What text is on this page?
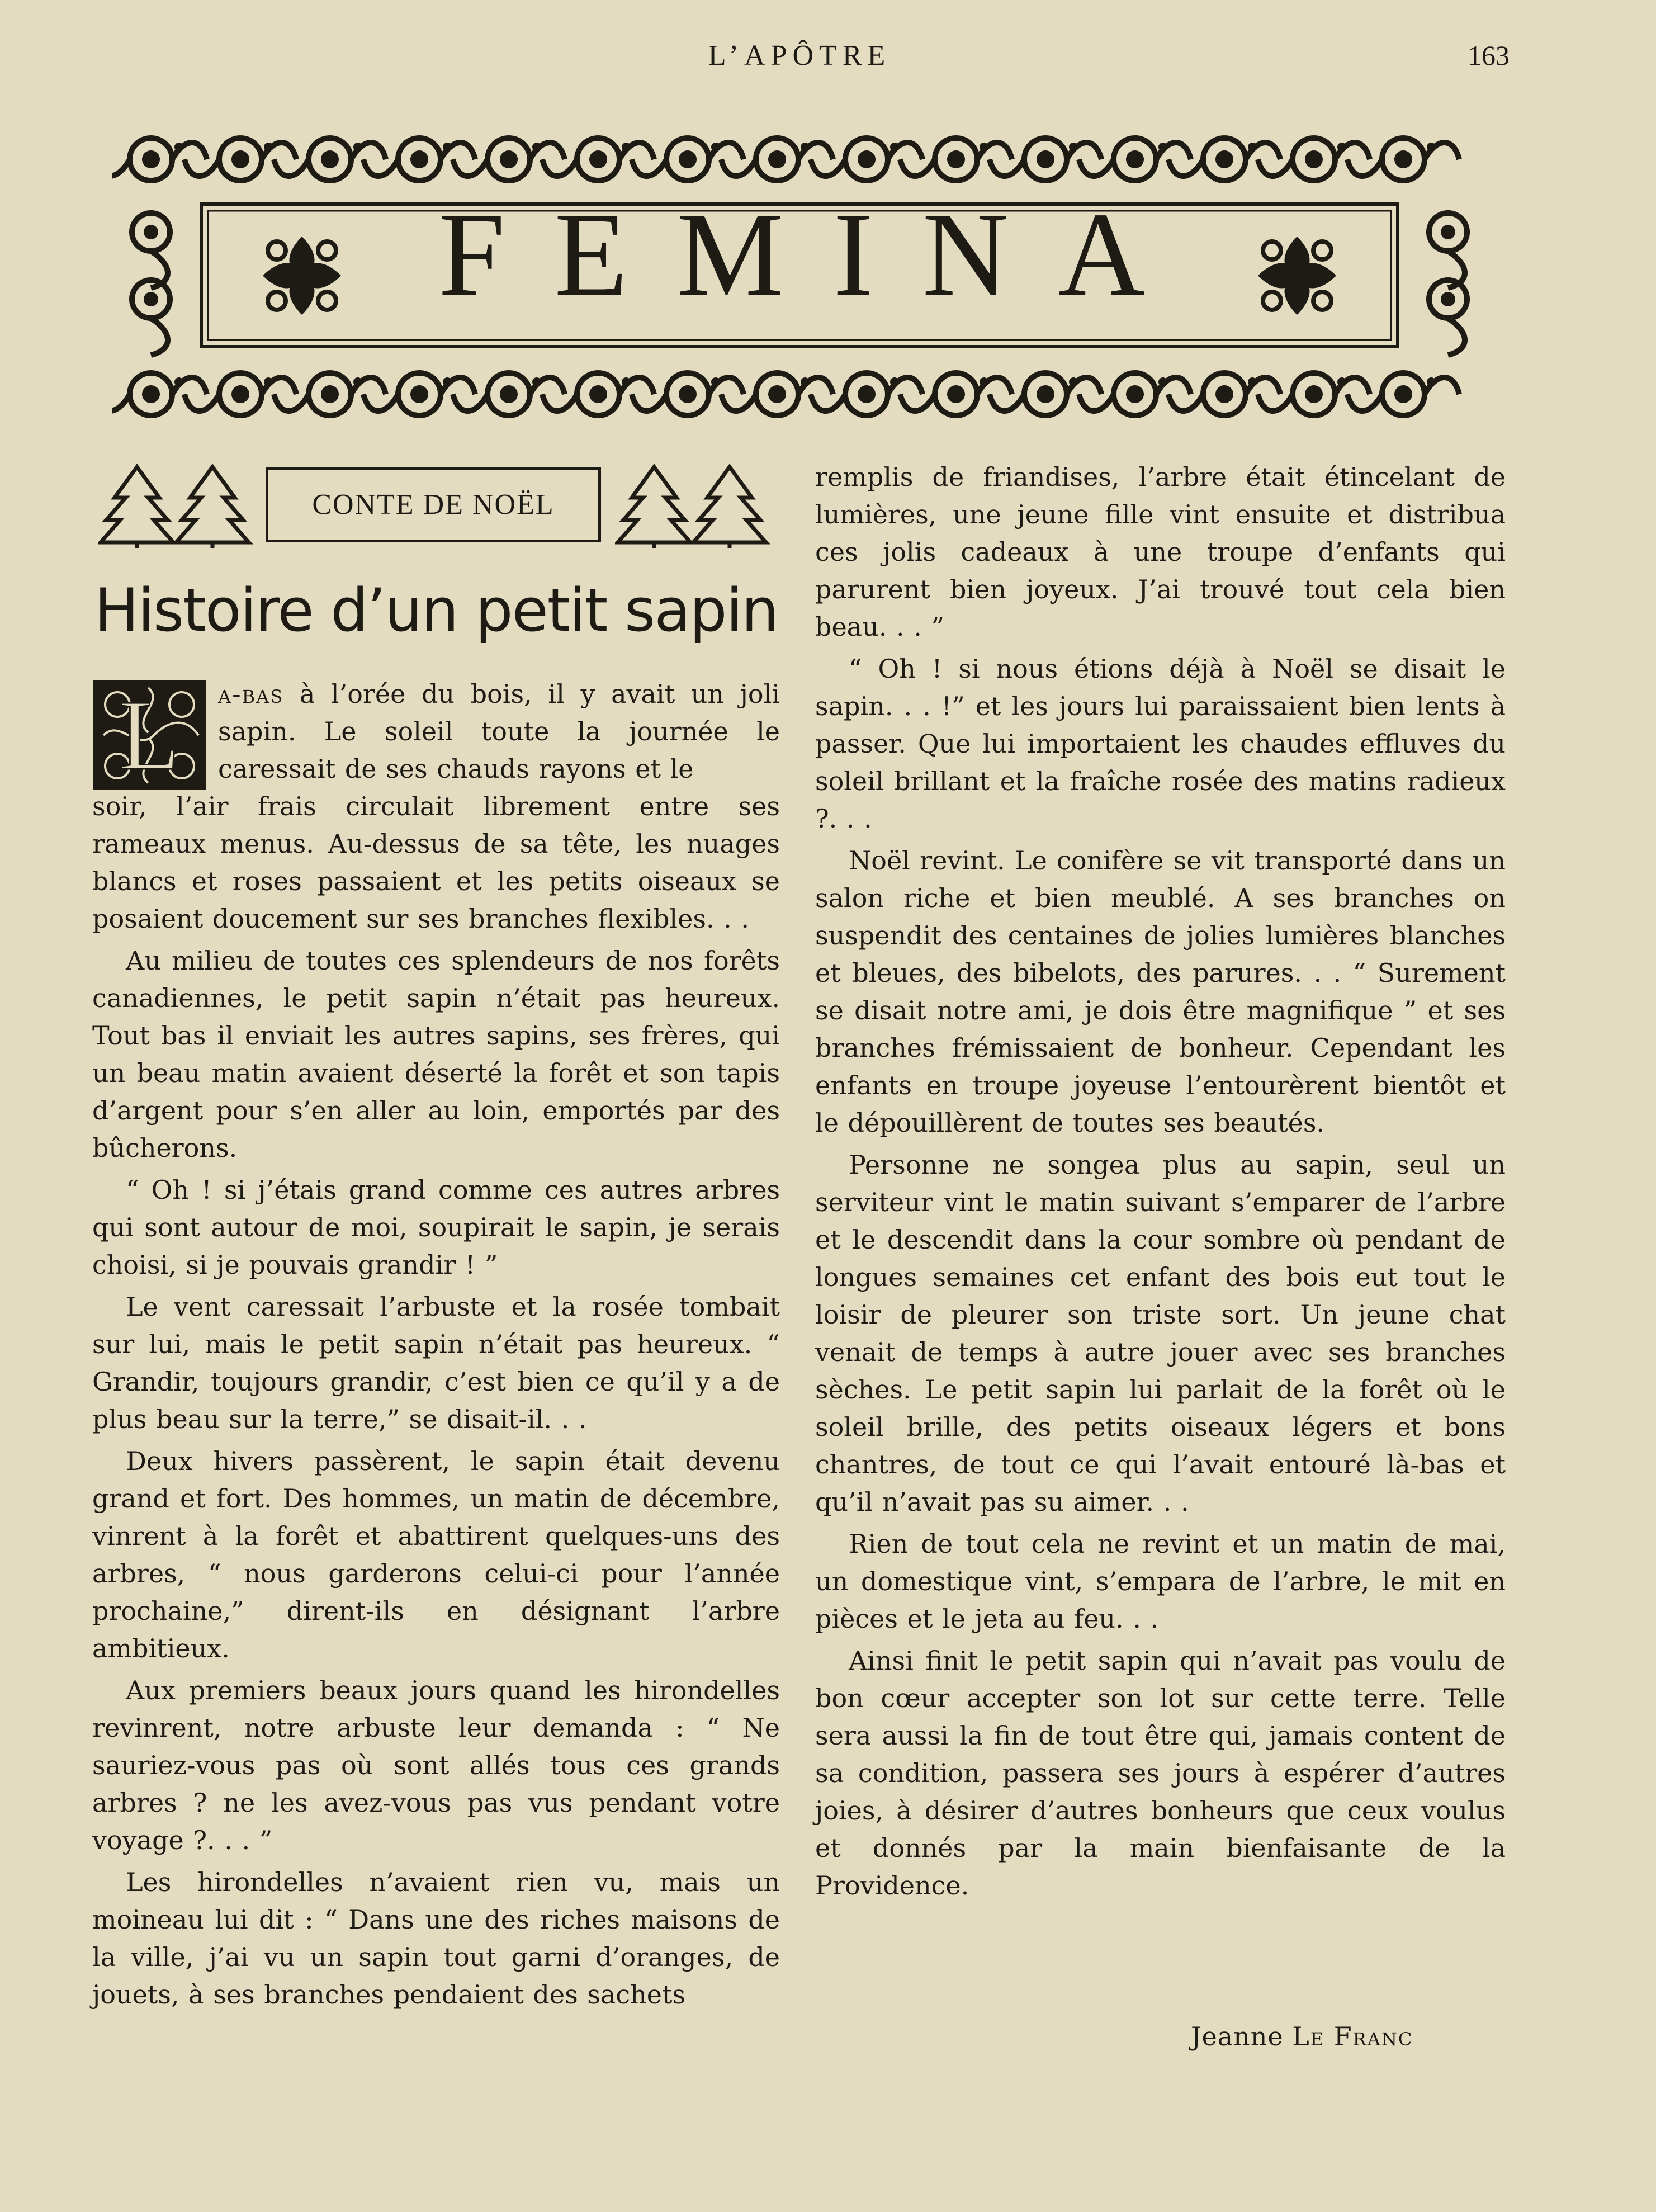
L’APÔTRE	163
FEMINA
CONTE DE NOËL
Histoire d’un petit sapin
L a-bas à l’orée du bois, il y avait un joli sapin. Le soleil toute la journée le caressait de ses chauds rayons et le

soir, l’air frais circulait librement entre ses rameaux menus. Au-dessus de sa tête, les nuages blancs et roses passaient et les petits oiseaux se posaient doucement sur ses branches flexibles. . .

Au milieu de toutes ces splendeurs de nos forêts canadiennes, le petit sapin n’était pas heureux. Tout bas il enviait les autres sapins, ses frères, qui un beau matin avaient déserté la forêt et son tapis d’argent pour s’en aller au loin, emportés par des bûcherons.

“ Oh ! si j’étais grand comme ces autres arbres qui sont autour de moi, soupirait le sapin, je serais choisi, si je pouvais grandir ! ”

Le vent caressait l’arbuste et la rosée tombait sur lui, mais le petit sapin n’était pas heureux. “ Grandir, toujours grandir, c’est bien ce qu’il y a de plus beau sur la terre,” se disait-il. . .

Deux hivers passèrent, le sapin était devenu grand et fort. Des hommes, un matin de décembre, vinrent à la forêt et abattirent quelques-uns des arbres, “ nous garderons celui-ci pour l’année prochaine,” dirent-ils en désignant l’arbre ambitieux.

Aux premiers beaux jours quand les hirondelles revinrent, notre arbuste leur demanda : “ Ne sauriez-vous pas où sont allés tous ces grands arbres ? ne les avez-vous pas vus pendant votre voyage ?. . . ”

Les hirondelles n’avaient rien vu, mais un moineau lui dit : “ Dans une des riches maisons de la ville, j’ai vu un sapin tout garni d’oranges, de jouets, à ses branches pendaient des sachets

remplis de friandises, l’arbre était étincelant de lumières, une jeune fille vint ensuite et distribua ces jolis cadeaux à une troupe d’enfants qui parurent bien joyeux. J’ai trouvé tout cela bien beau. . . ”

“ Oh ! si nous étions déjà à Noël se disait le sapin. . . !” et les jours lui paraissaient bien lents à passer. Que lui importaient les chaudes effluves du soleil brillant et la fraîche rosée des matins radieux ?. . .

Noël revint. Le conifère se vit transporté dans un salon riche et bien meublé. A ses branches on suspendit des centaines de jolies lumières blanches et bleues, des bibelots, des parures. . . “ Surement se disait notre ami, je dois être magnifique ” et ses branches frémissaient de bonheur. Cependant les enfants en troupe joyeuse l’entourèrent bientôt et le dépouillèrent de toutes ses beautés.

Personne ne songea plus au sapin, seul un serviteur vint le matin suivant s’emparer de l’arbre et le descendit dans la cour sombre où pendant de longues semaines cet enfant des bois eut tout le loisir de pleurer son triste sort. Un jeune chat venait de temps à autre jouer avec ses branches sèches. Le petit sapin lui parlait de la forêt où le soleil brille, des petits oiseaux légers et bons chantres, de tout ce qui l’avait entouré là-bas et qu’il n’avait pas su aimer. . .

Rien de tout cela ne revint et un matin de mai, un domestique vint, s’empara de l’arbre, le mit en pièces et le jeta au feu. . .

Ainsi finit le petit sapin qui n’avait pas voulu de bon cœur accepter son lot sur cette terre. Telle sera aussi la fin de tout être qui, jamais content de sa condition, passera ses jours à espérer d’autres joies, à désirer d’autres bonheurs que ceux voulus et donnés par la main bienfaisante de la Providence.

Jeanne Le Franc
